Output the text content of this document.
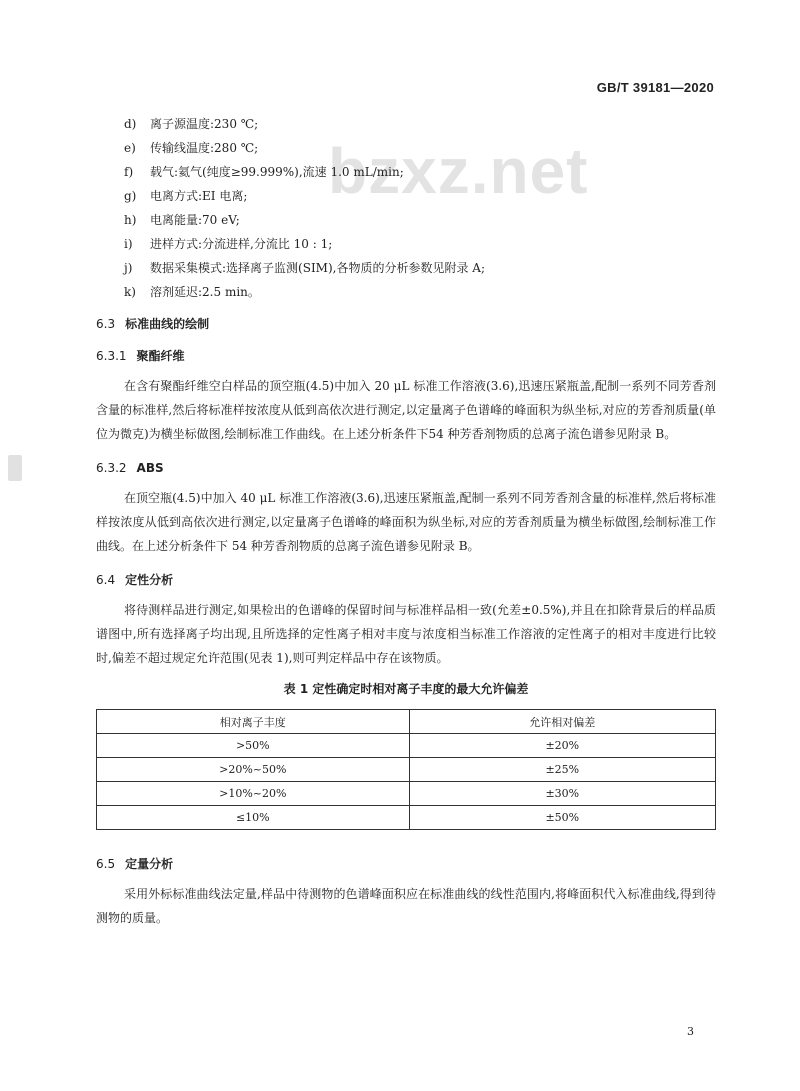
GB/T 39181—2020
bzxz.net
d)	离子源温度:230 ℃;
e)	传输线温度:280 ℃;
f)	载气:氦气(纯度≥99.999%),流速 1.0 mL/min;
g)	电离方式:EI 电离;
h)	电离能量:70 eV;
i)	进样方式:分流进样,分流比 10 : 1;
j)	数据采集模式:选择离子监测(SIM),各物质的分析参数见附录 A;
k)	溶剂延迟:2.5 min。
6.3 标准曲线的绘制
6.3.1 聚酯纤维

在含有聚酯纤维空白样品的顶空瓶(4.5)中加入 20 μL 标准工作溶液(3.6),迅速压紧瓶盖,配制一系列不同芳香剂含量的标准样,然后将标准样按浓度从低到高依次进行测定,以定量离子色谱峰的峰面积为纵坐标,对应的芳香剂质量(单位为微克)为横坐标做图,绘制标准工作曲线。在上述分析条件下54 种芳香剂物质的总离子流色谱参见附录 B。

6.3.2 ABS

在顶空瓶(4.5)中加入 40 μL 标准工作溶液(3.6),迅速压紧瓶盖,配制一系列不同芳香剂含量的标准样,然后将标准样按浓度从低到高依次进行测定,以定量离子色谱峰的峰面积为纵坐标,对应的芳香剂质量为横坐标做图,绘制标准工作曲线。在上述分析条件下 54 种芳香剂物质的总离子流色谱参见附录 B。

6.4 定性分析

将待测样品进行测定,如果检出的色谱峰的保留时间与标准样品相一致(允差±0.5%),并且在扣除背景后的样品质谱图中,所有选择离子均出现,且所选择的定性离子相对丰度与浓度相当标准工作溶液的定性离子的相对丰度进行比较时,偏差不超过规定允许范围(见表 1),则可判定样品中存在该物质。

表 1 定性确定时相对离子丰度的最大允许偏差
相对离子丰度	允许相对偏差
>50%	±20%
>20%~50%	±25%
>10%~20%	±30%
≤10%	±50%
6.5 定量分析

采用外标标准曲线法定量,样品中待测物的色谱峰面积应在标准曲线的线性范围内,将峰面积代入标准曲线,得到待测物的质量。

3
